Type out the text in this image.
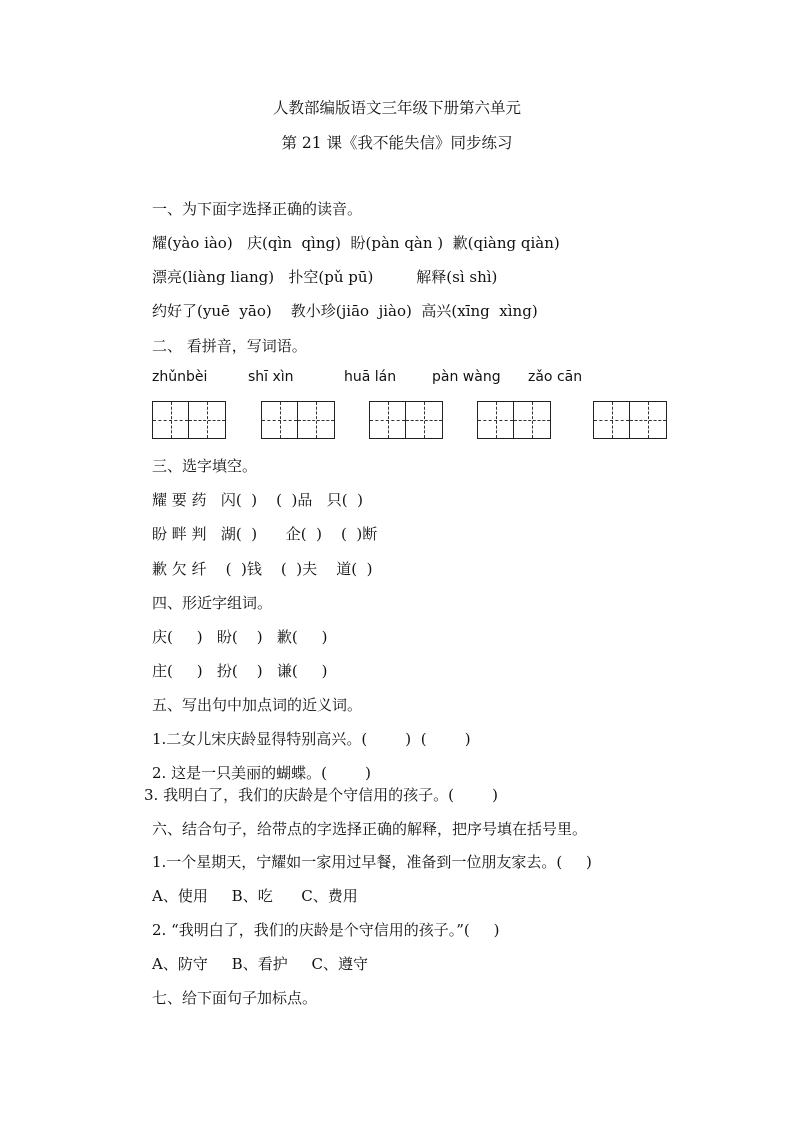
人教部编版语文三年级下册第六单元
第 21 课《我不能失信》同步练习
一、为下面字选择正确的读音。
耀(yào iào)   庆(qìn  qìng)  盼(pàn qàn )  歉(qiàng qiàn)
漂亮(liàng liang)   扑空(pǔ pū)         解释(sì shì)
约好了(yuē  yāo)    教小珍(jiāo  jiào)  高兴(xīng  xìng)
二、 看拼音，写词语。
zhǔnbèi	shī xìn	huā lán	pàn wàng zǎo cān
三、选字填空。
耀 要 药   闪(  )    (  )品   只(  )
盼 畔 判   湖(  )      企(  )    (  )断
歉 欠 纤    (  )钱    (  )夫    道(  )
四、形近字组词。
庆(     )   盼(    )   歉(     )
庄(     )   扮(    )   谦(     )
五、写出句中加点词的近义词。
1.二女儿宋庆龄显得特别高兴。(        )  (        )
2. 这是一只美丽的蝴蝶。(        )
3. 我明白了，我们的庆龄是个守信用的孩子。(        )
六、结合句子，给带点的字选择正确的解释，把序号填在括号里。
1.一个星期天，宁耀如一家用过早餐，准备到一位朋友家去。(     )
A、使用     B、吃      C、费用
2. “我明白了，我们的庆龄是个守信用的孩子。”(     )
A、防守     B、看护     C、遵守
七、给下面句子加标点。
